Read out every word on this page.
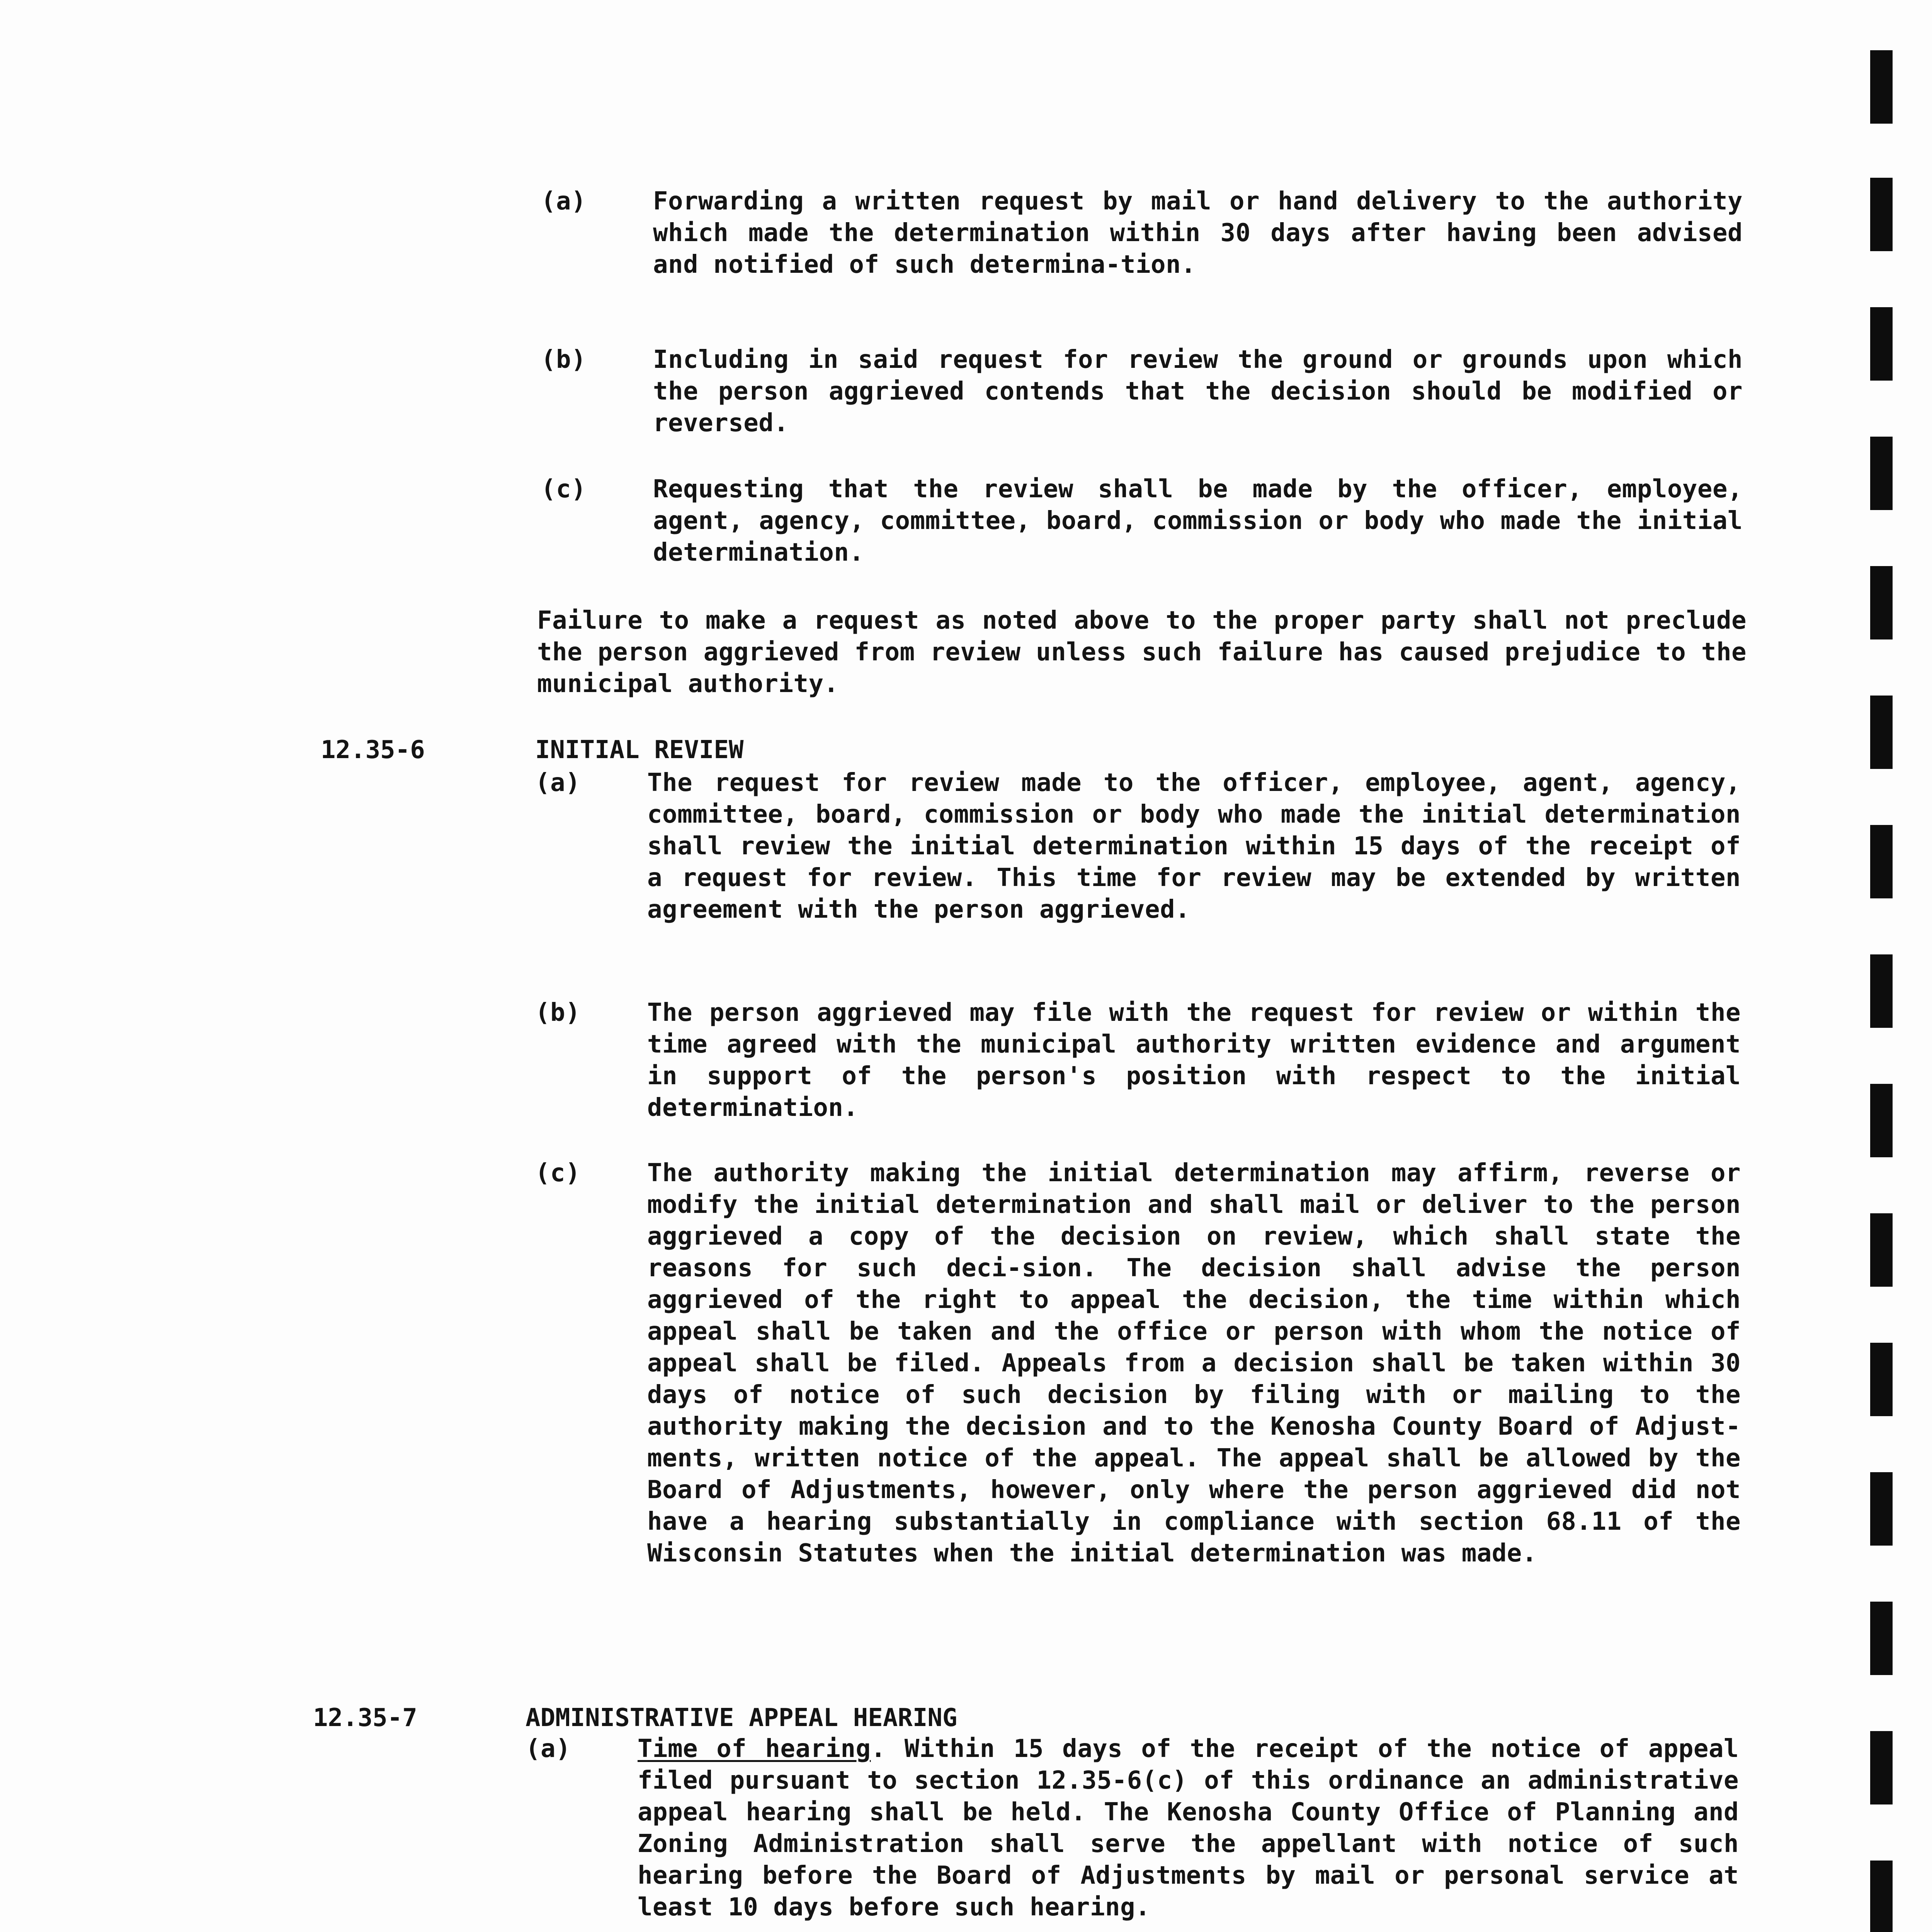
(a)	Forwarding a written request by mail or hand delivery to the authority which made the determination within 30 days after having been advised and notified of such determina-tion.
(b)	Including in said request for review the ground or grounds upon which the person aggrieved contends that the decision should be modified or reversed.
(c)	Requesting that the review shall be made by the officer, employee, agent, agency, committee, board, commission or body who made the initial determination.
Failure to make a request as noted above to the proper party shall not preclude the person aggrieved from review unless such failure has caused prejudice to the municipal authority.
12.35-6	INITIAL REVIEW
(a)	The request for review made to the officer, employee, agent, agency, committee, board, commission or body who made the initial determination shall review the initial determination within 15 days of the receipt of a request for review. This time for review may be extended by written agreement with the person aggrieved.
(b)	The person aggrieved may file with the request for review or within the time agreed with the municipal authority written evidence and argument in support of the person's position with respect to the initial determination.
(c)	The authority making the initial determination may affirm, reverse or modify the initial determination and shall mail or deliver to the person aggrieved a copy of the decision on review, which shall state the reasons for such deci-sion. The decision shall advise the person aggrieved of the right to appeal the decision, the time within which appeal shall be taken and the office or person with whom the notice of appeal shall be filed. Appeals from a decision shall be taken within 30 days of notice of such decision by filing with or mailing to the authority making the decision and to the Kenosha County Board of Adjust-ments, written notice of the appeal. The appeal shall be allowed by the Board of Adjustments, however, only where the person aggrieved did not have a hearing substantially in compliance with section 68.11 of the Wisconsin Statutes when the initial determination was made.
12.35-7	ADMINISTRATIVE APPEAL HEARING
(a)	Time of hearing. Within 15 days of the receipt of the notice of appeal filed pursuant to section 12.35-6(c) of this ordinance an administrative appeal hearing shall be held. The Kenosha County Office of Planning and Zoning Administration shall serve the appellant with notice of such hearing before the Board of Adjustments by mail or personal service at least 10 days before such hearing.
